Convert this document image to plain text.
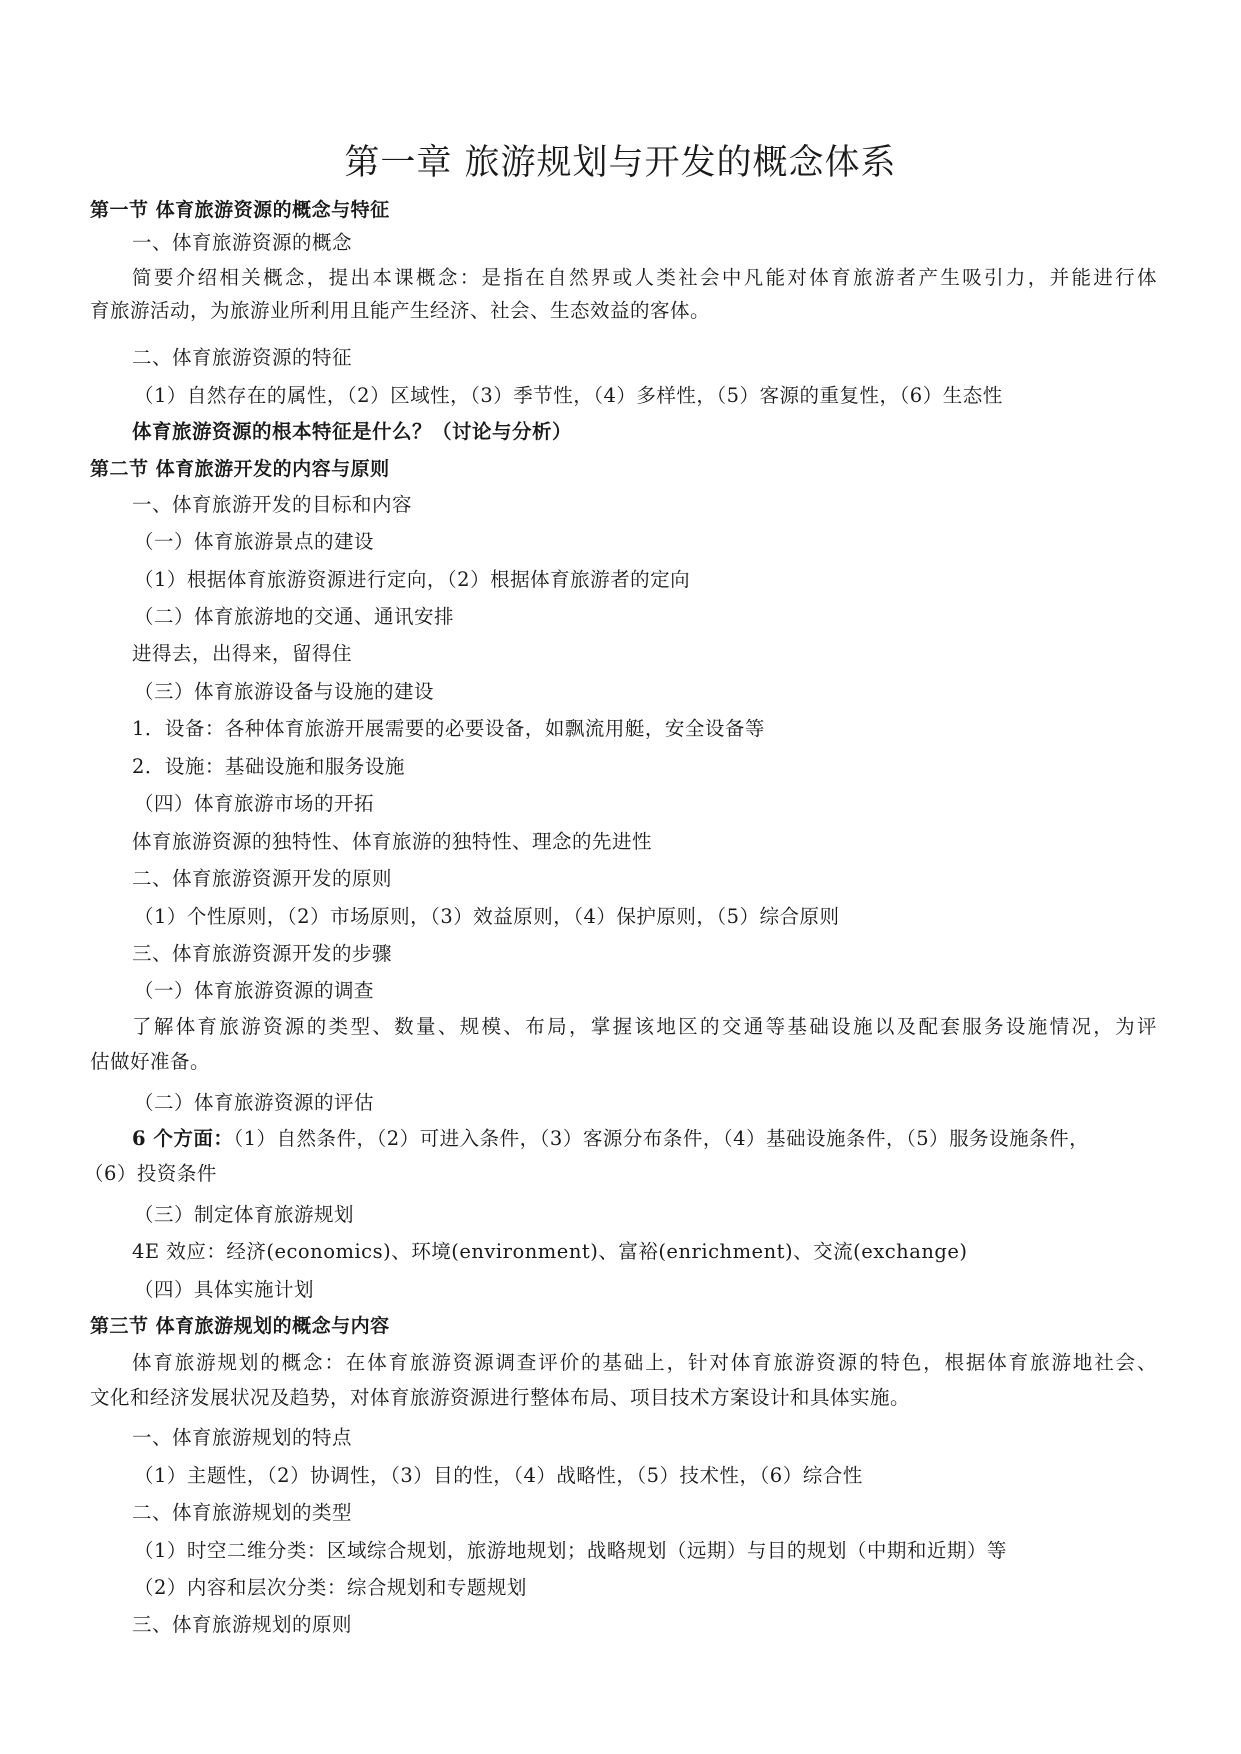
第一章 旅游规划与开发的概念体系
第一节 体育旅游资源的概念与特征
一、体育旅游资源的概念
简要介绍相关概念，提出本课概念：是指在自然界或人类社会中凡能对体育旅游者产生吸引力，并能进行体
育旅游活动，为旅游业所利用且能产生经济、社会、生态效益的客体。
二、体育旅游资源的特征
（1）自然存在的属性，（2）区域性，（3）季节性，（4）多样性，（5）客源的重复性，（6）生态性
体育旅游资源的根本特征是什么？（讨论与分析）
第二节 体育旅游开发的内容与原则
一、体育旅游开发的目标和内容
（一）体育旅游景点的建设
（1）根据体育旅游资源进行定向，（2）根据体育旅游者的定向
（二）体育旅游地的交通、通讯安排
进得去，出得来，留得住
（三）体育旅游设备与设施的建设
1．设备：各种体育旅游开展需要的必要设备，如飘流用艇，安全设备等
2．设施：基础设施和服务设施
（四）体育旅游市场的开拓
体育旅游资源的独特性、体育旅游的独特性、理念的先进性
二、体育旅游资源开发的原则
（1）个性原则，（2）市场原则，（3）效益原则，（4）保护原则，（5）综合原则
三、体育旅游资源开发的步骤
（一）体育旅游资源的调查
了解体育旅游资源的类型、数量、规模、布局，掌握该地区的交通等基础设施以及配套服务设施情况，为评
估做好准备。
（二）体育旅游资源的评估
6 个方面：（1）自然条件，（2）可进入条件，（3）客源分布条件，（4）基础设施条件，（5）服务设施条件，
（6）投资条件
（三）制定体育旅游规划
4E 效应：经济(economics)、环境(environment)、富裕(enrichment)、交流(exchange)
（四）具体实施计划
第三节 体育旅游规划的概念与内容
体育旅游规划的概念：在体育旅游资源调查评价的基础上，针对体育旅游资源的特色，根据体育旅游地社会、
文化和经济发展状况及趋势，对体育旅游资源进行整体布局、项目技术方案设计和具体实施。
一、体育旅游规划的特点
（1）主题性，（2）协调性，（3）目的性，（4）战略性，（5）技术性，（6）综合性
二、体育旅游规划的类型
（1）时空二维分类：区域综合规划，旅游地规划；战略规划（远期）与目的规划（中期和近期）等
（2）内容和层次分类：综合规划和专题规划
三、体育旅游规划的原则
